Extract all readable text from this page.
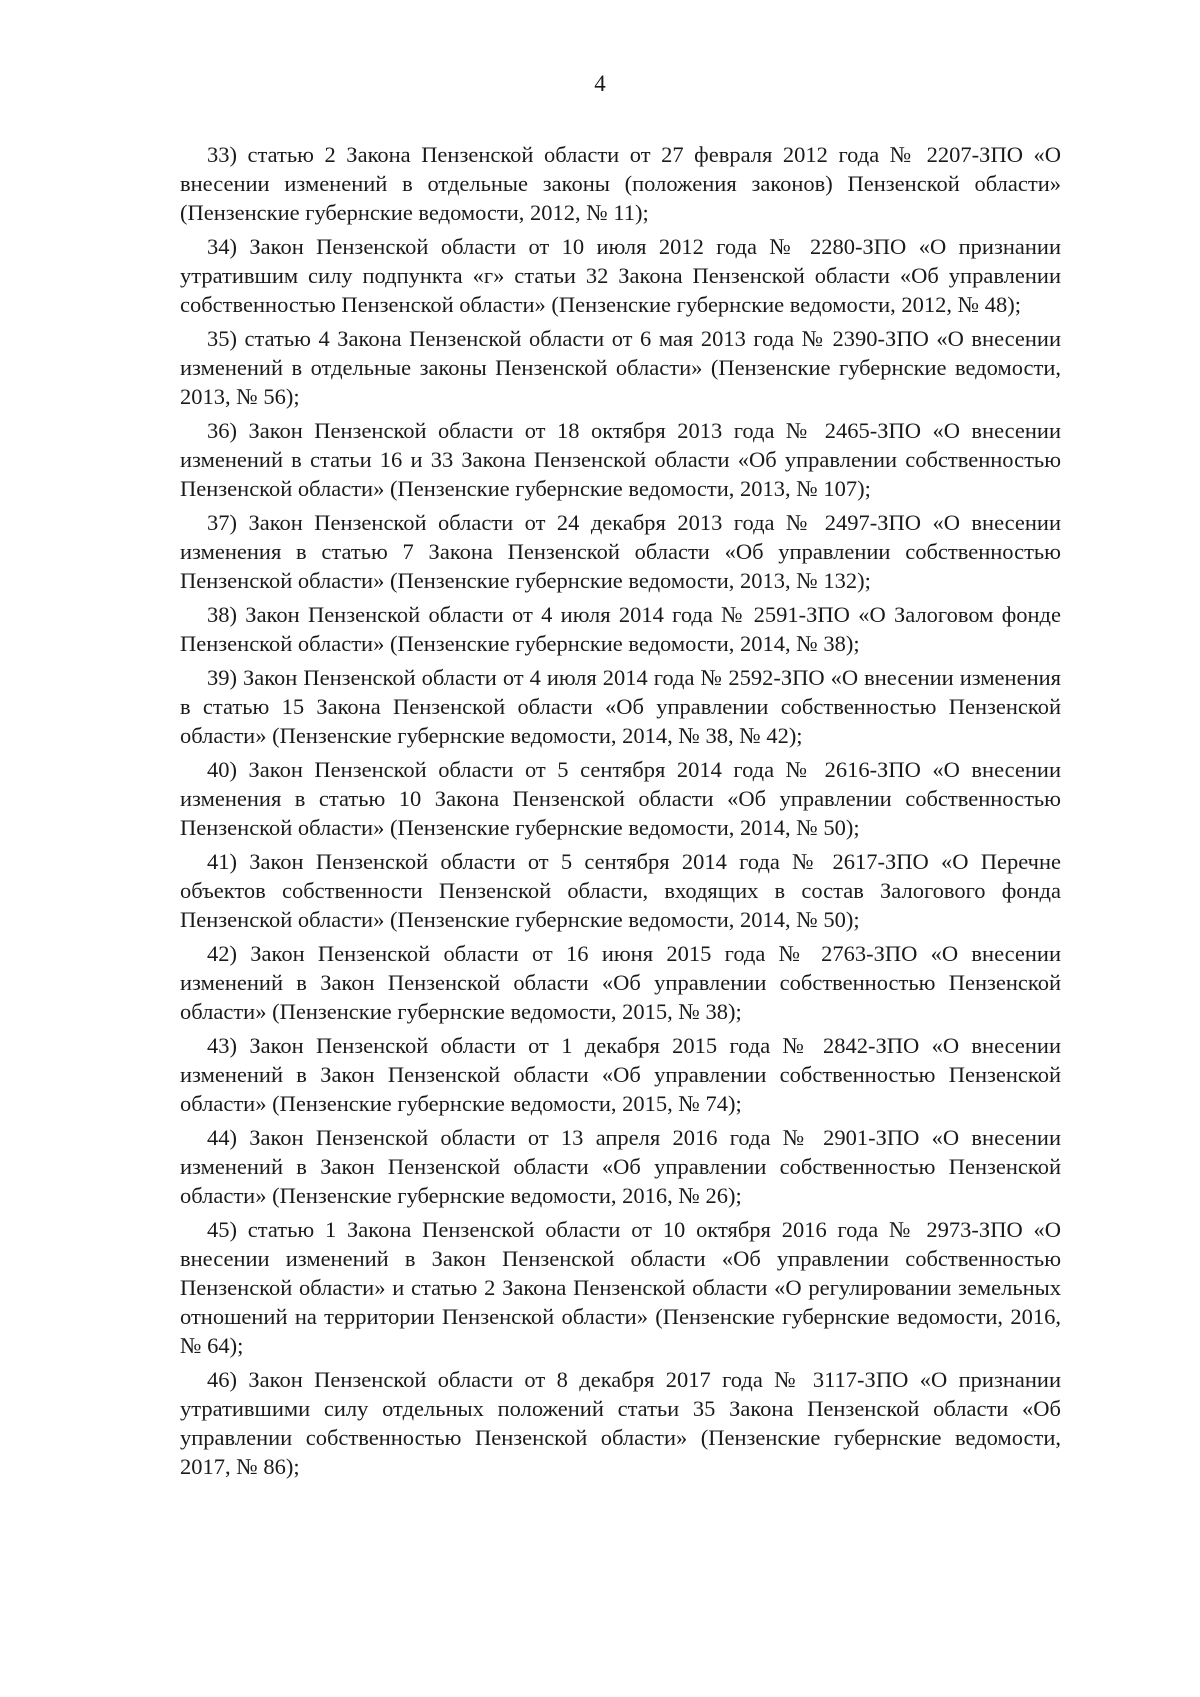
4

33) статью 2 Закона Пензенской области от 27 февраля 2012 года № 2207-ЗПО «О внесении изменений в отдельные законы (положения законов) Пензенской области» (Пензенские губернские ведомости, 2012, № 11);

34) Закон Пензенской области от 10 июля 2012 года № 2280-ЗПО «О признании утратившим силу подпункта «г» статьи 32 Закона Пензенской области «Об управлении собственностью Пензенской области» (Пензенские губернские ведомости, 2012, № 48);

35) статью 4 Закона Пензенской области от 6 мая 2013 года № 2390-ЗПО «О внесении изменений в отдельные законы Пензенской области» (Пензенские губернские ведомости, 2013, № 56);

36) Закон Пензенской области от 18 октября 2013 года № 2465-ЗПО «О внесении изменений в статьи 16 и 33 Закона Пензенской области «Об управлении собственностью Пензенской области» (Пензенские губернские ведомости, 2013, № 107);

37) Закон Пензенской области от 24 декабря 2013 года № 2497-ЗПО «О внесении изменения в статью 7 Закона Пензенской области «Об управлении собственностью Пензенской области» (Пензенские губернские ведомости, 2013, № 132);

38) Закон Пензенской области от 4 июля 2014 года № 2591-ЗПО «О Залоговом фонде Пензенской области» (Пензенские губернские ведомости, 2014, № 38);

39) Закон Пензенской области от 4 июля 2014 года № 2592-ЗПО «О внесении изменения в статью 15 Закона Пензенской области «Об управлении собственностью Пензенской области» (Пензенские губернские ведомости, 2014, № 38, № 42);

40) Закон Пензенской области от 5 сентября 2014 года № 2616-ЗПО «О внесении изменения в статью 10 Закона Пензенской области «Об управлении собственностью Пензенской области» (Пензенские губернские ведомости, 2014, № 50);

41) Закон Пензенской области от 5 сентября 2014 года № 2617-ЗПО «О Перечне объектов собственности Пензенской области, входящих в состав Залогового фонда Пензенской области» (Пензенские губернские ведомости, 2014, № 50);

42) Закон Пензенской области от 16 июня 2015 года № 2763-ЗПО «О внесении изменений в Закон Пензенской области «Об управлении собственностью Пензенской области» (Пензенские губернские ведомости, 2015, № 38);

43) Закон Пензенской области от 1 декабря 2015 года № 2842-ЗПО «О внесении изменений в Закон Пензенской области «Об управлении собственностью Пензенской области» (Пензенские губернские ведомости, 2015, № 74);

44) Закон Пензенской области от 13 апреля 2016 года № 2901-ЗПО «О внесении изменений в Закон Пензенской области «Об управлении собственностью Пензенской области» (Пензенские губернские ведомости, 2016, № 26);

45) статью 1 Закона Пензенской области от 10 октября 2016 года № 2973-ЗПО «О внесении изменений в Закон Пензенской области «Об управлении собственностью Пензенской области» и статью 2 Закона Пензенской области «О регулировании земельных отношений на территории Пензенской области» (Пензенские губернские ведомости, 2016, № 64);

46) Закон Пензенской области от 8 декабря 2017 года № 3117-ЗПО «О признании утратившими силу отдельных положений статьи 35 Закона Пензенской области «Об управлении собственностью Пензенской области» (Пензенские губернские ведомости, 2017, № 86);
